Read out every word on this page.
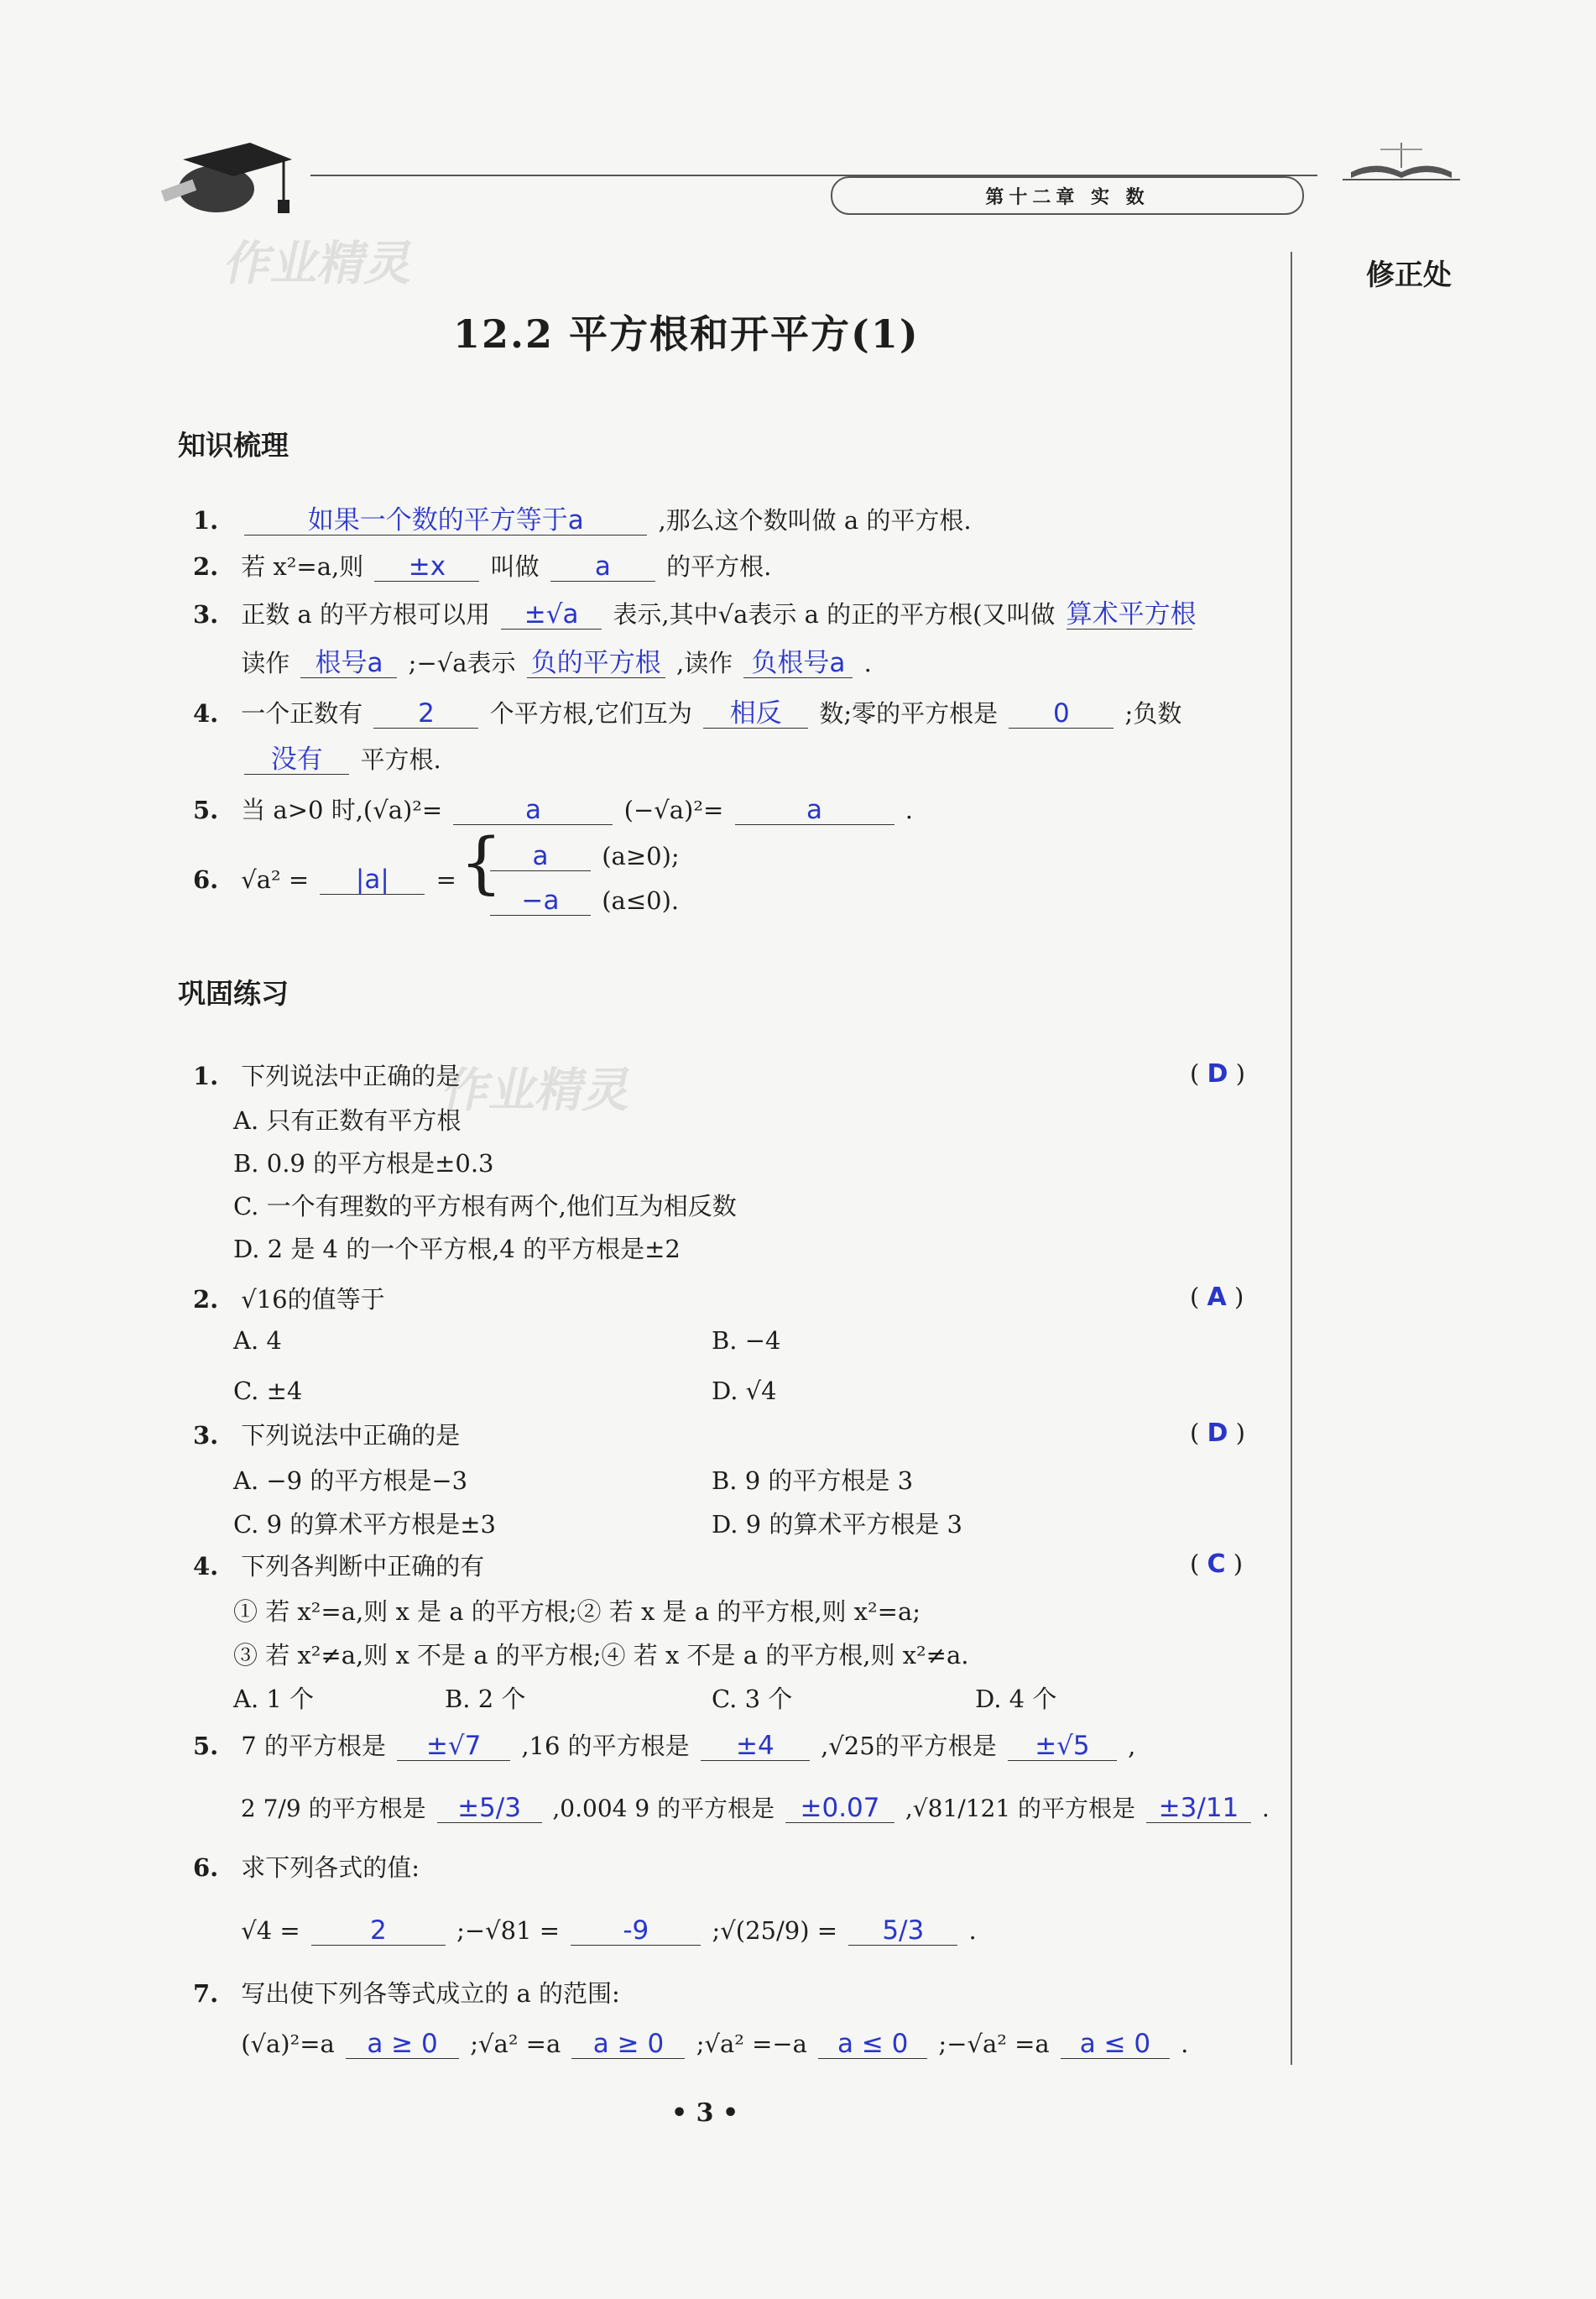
第十二章 实 数
修正处
作业精灵
作业精灵
12.2 平方根和开平方(1)
知识梳理
1.	如果一个数的平方等于a	,那么这个数叫做 a 的平方根.
2. 若 x²=a,则 ±x 叫做 a 的平方根.
3. 正数 a 的平方根可以用 ±√a 表示,其中√a表示 a 的正的平方根(又叫做 算术平方根
读作 根号a ;−√a表示 负的平方根 ,读作 负根号a .
4. 一个正数有 2 个平方根,它们互为 相反 数;零的平方根是 0 ;负数
没有 平方根.
5. 当 a>0 时,(√a)²=	a	(−√a)²=	a	.
6. √a² = |a| = {	a (a≥0);
−a (a≤0).
巩固练习
1. 下列说法中正确的是	( D )
A. 只有正数有平方根
B. 0.9 的平方根是±0.3
C. 一个有理数的平方根有两个,他们互为相反数
D. 2 是 4 的一个平方根,4 的平方根是±2
2. √16的值等于	( A )
A. 4	B. −4
C. ±4	D. √4
3. 下列说法中正确的是	( D )
A. −9 的平方根是−3	B. 9 的平方根是 3
C. 9 的算术平方根是±3	D. 9 的算术平方根是 3
4. 下列各判断中正确的有	( C )
① 若 x²=a,则 x 是 a 的平方根;② 若 x 是 a 的平方根,则 x²=a;
③ 若 x²≠a,则 x 不是 a 的平方根;④ 若 x 不是 a 的平方根,则 x²≠a.
A. 1 个	B. 2 个	C. 3 个	D. 4 个
5. 7 的平方根是 ±√7 ,16 的平方根是 ±4 ,√25的平方根是 ±√5 ,
2 7/9 的平方根是 ±5/3 ,0.004 9 的平方根是 ±0.07 ,√81/121 的平方根是 ±3/11 .
6. 求下列各式的值:
√4 =	2	;−√81 = -9	;√(25/9) = 5/3 .
7. 写出使下列各等式成立的 a 的范围:
(√a)²=a a ≥ 0 ;√a² =a a ≥ 0 ;√a² =−a a ≤ 0 ;−√a² =a a ≤ 0 .
• 3 •
